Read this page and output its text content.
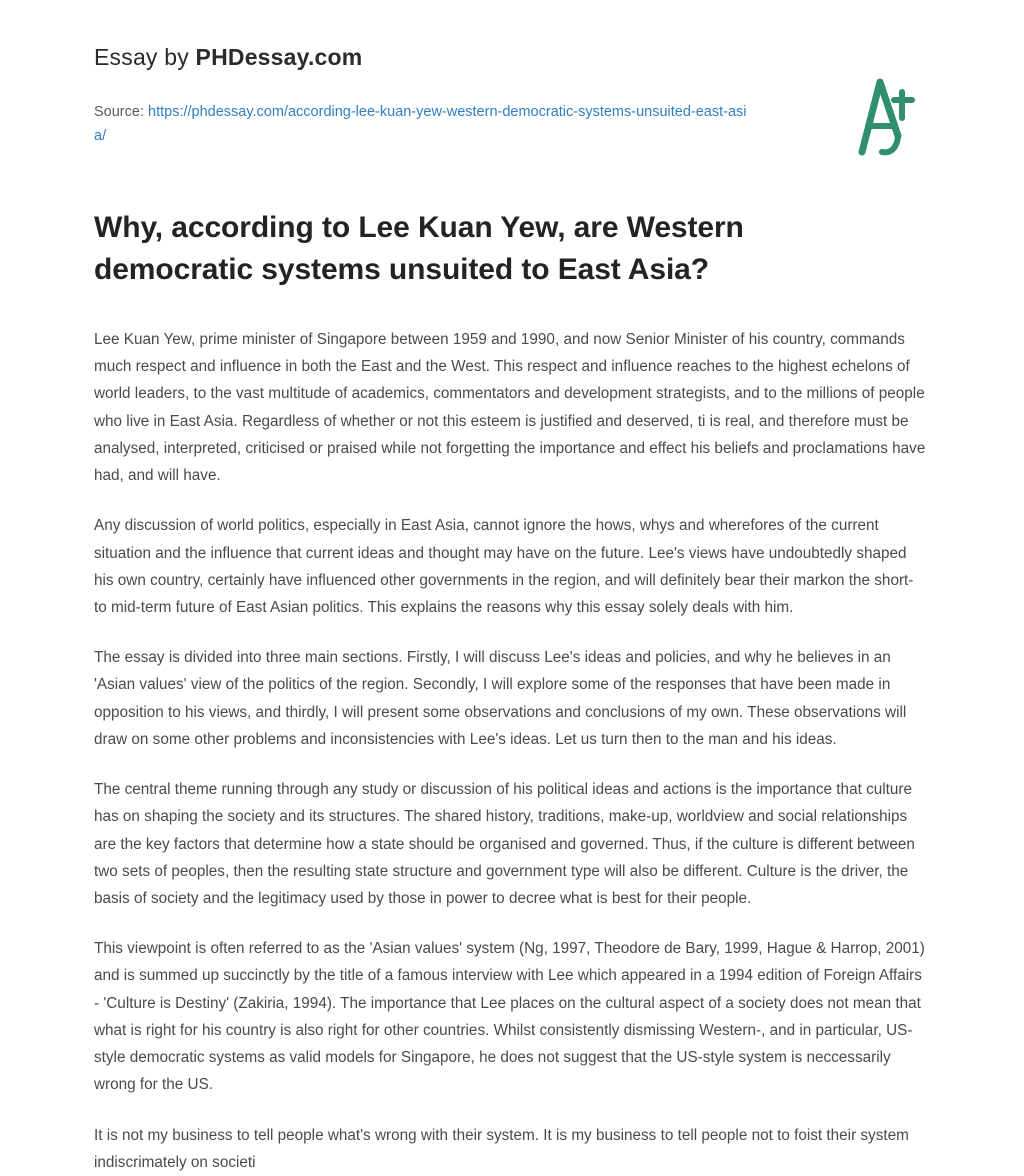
Essay by PHDessay.com
Source: https://phdessay.com/according-lee-kuan-yew-western-democratic-systems-unsuited-east-asia/
Why, according to Lee Kuan Yew, are Western democratic systems unsuited to East Asia?

Lee Kuan Yew, prime minister of Singapore between 1959 and 1990, and now Senior Minister of his country, commands much respect and influence in both the East and the West. This respect and influence reaches to the highest echelons of world leaders, to the vast multitude of academics, commentators and development strategists, and to the millions of people who live in East Asia. Regardless of whether or not this esteem is justified and deserved, ti is real, and therefore must be analysed, interpreted, criticised or praised while not forgetting the importance and effect his beliefs and proclamations have had, and will have.

Any discussion of world politics, especially in East Asia, cannot ignore the hows, whys and wherefores of the current situation and the influence that current ideas and thought may have on the future. Lee's views have undoubtedly shaped his own country, certainly have influenced other governments in the region, and will definitely bear their markon the short- to mid-term future of East Asian politics. This explains the reasons why this essay solely deals with him.

The essay is divided into three main sections. Firstly, I will discuss Lee's ideas and policies, and why he believes in an 'Asian values' view of the politics of the region. Secondly, I will explore some of the responses that have been made in opposition to his views, and thirdly, I will present some observations and conclusions of my own. These observations will draw on some other problems and inconsistencies with Lee's ideas. Let us turn then to the man and his ideas.

The central theme running through any study or discussion of his political ideas and actions is the importance that culture has on shaping the society and its structures. The shared history, traditions, make-up, worldview and social relationships are the key factors that determine how a state should be organised and governed. Thus, if the culture is different between two sets of peoples, then the resulting state structure and government type will also be different. Culture is the driver, the basis of society and the legitimacy used by those in power to decree what is best for their people.

This viewpoint is often referred to as the 'Asian values' system (Ng, 1997, Theodore de Bary, 1999, Hague & Harrop, 2001) and is summed up succinctly by the title of a famous interview with Lee which appeared in a 1994 edition of Foreign Affairs - 'Culture is Destiny' (Zakiria, 1994). The importance that Lee places on the cultural aspect of a society does not mean that what is right for his country is also right for other countries. Whilst consistently dismissing Western-, and in particular, US-style democratic systems as valid models for Singapore, he does not suggest that the US-style system is neccessarily wrong for the US.

It is not my business to tell people what's wrong with their system. It is my business to tell people not to foist their system indiscrimately on societi
